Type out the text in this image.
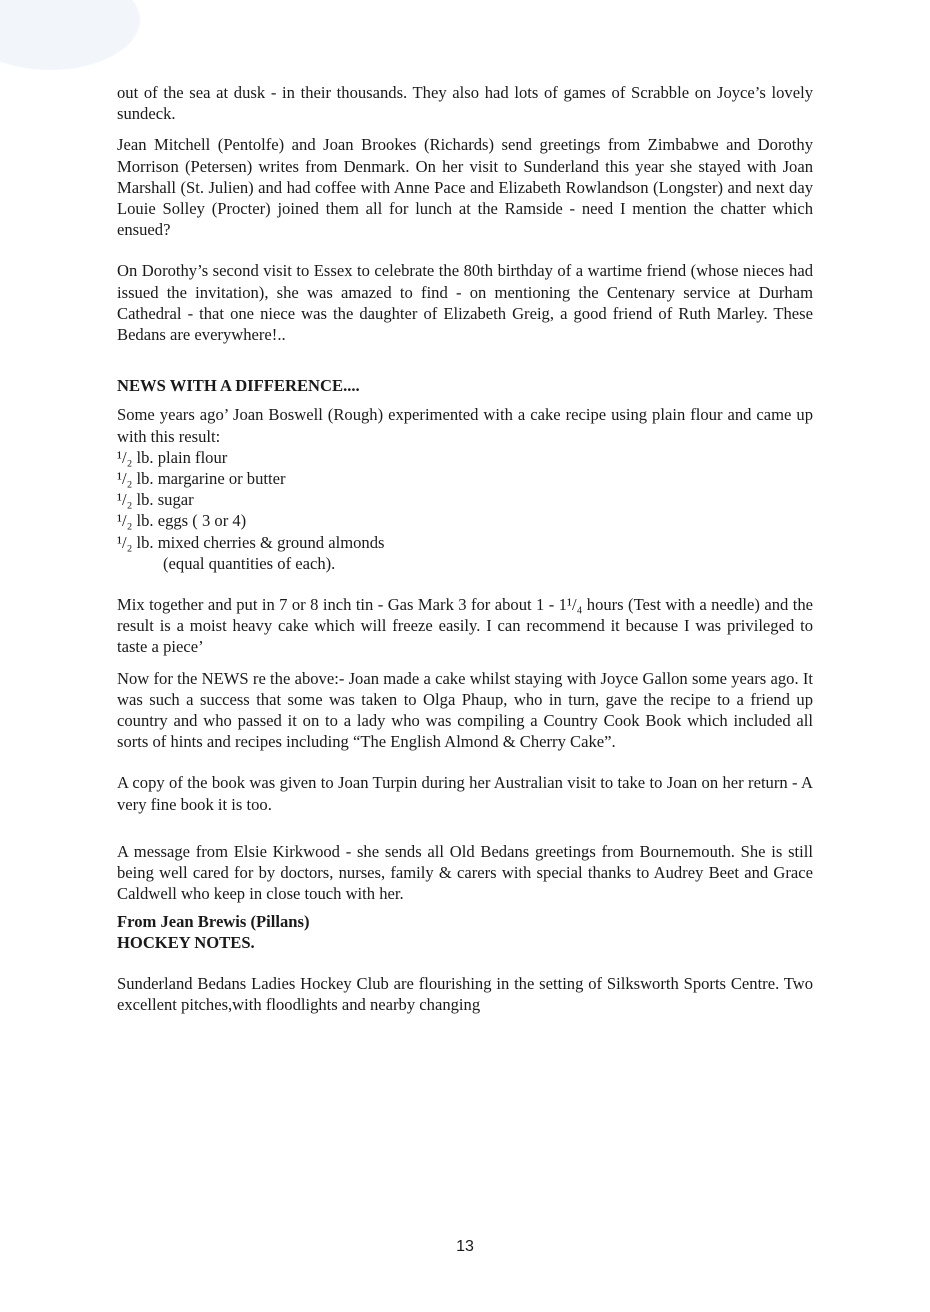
out of the sea at dusk - in their thousands. They also had lots of games of Scrabble on Joyce’s lovely sundeck.

Jean Mitchell (Pentolfe) and Joan Brookes (Richards) send greetings from Zimbabwe and Dorothy Morrison (Petersen) writes from Denmark. On her visit to Sunderland this year she stayed with Joan Marshall (St. Julien) and had coffee with Anne Pace and Elizabeth Rowlandson (Longster) and next day Louie Solley (Procter) joined them all for lunch at the Ramside - need I mention the chatter which ensued?

On Dorothy’s second visit to Essex to celebrate the 80th birthday of a wartime friend (whose nieces had issued the invitation), she was amazed to find - on mentioning the Centenary service at Durham Cathedral - that one niece was the daughter of Elizabeth Greig, a good friend of Ruth Marley. These Bedans are everywhere!..

NEWS WITH A DIFFERENCE....

Some years ago’ Joan Boswell (Rough) experimented with a cake recipe using plain flour and came up with this result:

¹/₂ lb. plain flour
¹/₂ lb. margarine or butter
¹/₂ lb. sugar
¹/₂ lb. eggs ( 3 or 4)
¹/₂ lb. mixed cherries & ground almonds
(equal quantities of each).

Mix together and put in 7 or 8 inch tin - Gas Mark 3 for about 1 - 1¹/₄ hours (Test with a needle) and the result is a moist heavy cake which will freeze easily. I can recommend it because I was privileged to taste a piece’

Now for the NEWS re the above:- Joan made a cake whilst staying with Joyce Gallon some years ago. It was such a success that some was taken to Olga Phaup, who in turn, gave the recipe to a friend up country and who passed it on to a lady who was compiling a Country Cook Book which included all sorts of hints and recipes including “The English Almond & Cherry Cake”.

A copy of the book was given to Joan Turpin during her Australian visit to take to Joan on her return - A very fine book it is too.

A message from Elsie Kirkwood - she sends all Old Bedans greetings from Bournemouth. She is still being well cared for by doctors, nurses, family & carers with special thanks to Audrey Beet and Grace Caldwell who keep in close touch with her.

From Jean Brewis (Pillans)

HOCKEY NOTES.

Sunderland Bedans Ladies Hockey Club are flourishing in the setting of Silksworth Sports Centre. Two excellent pitches,with floodlights and nearby changing

13
